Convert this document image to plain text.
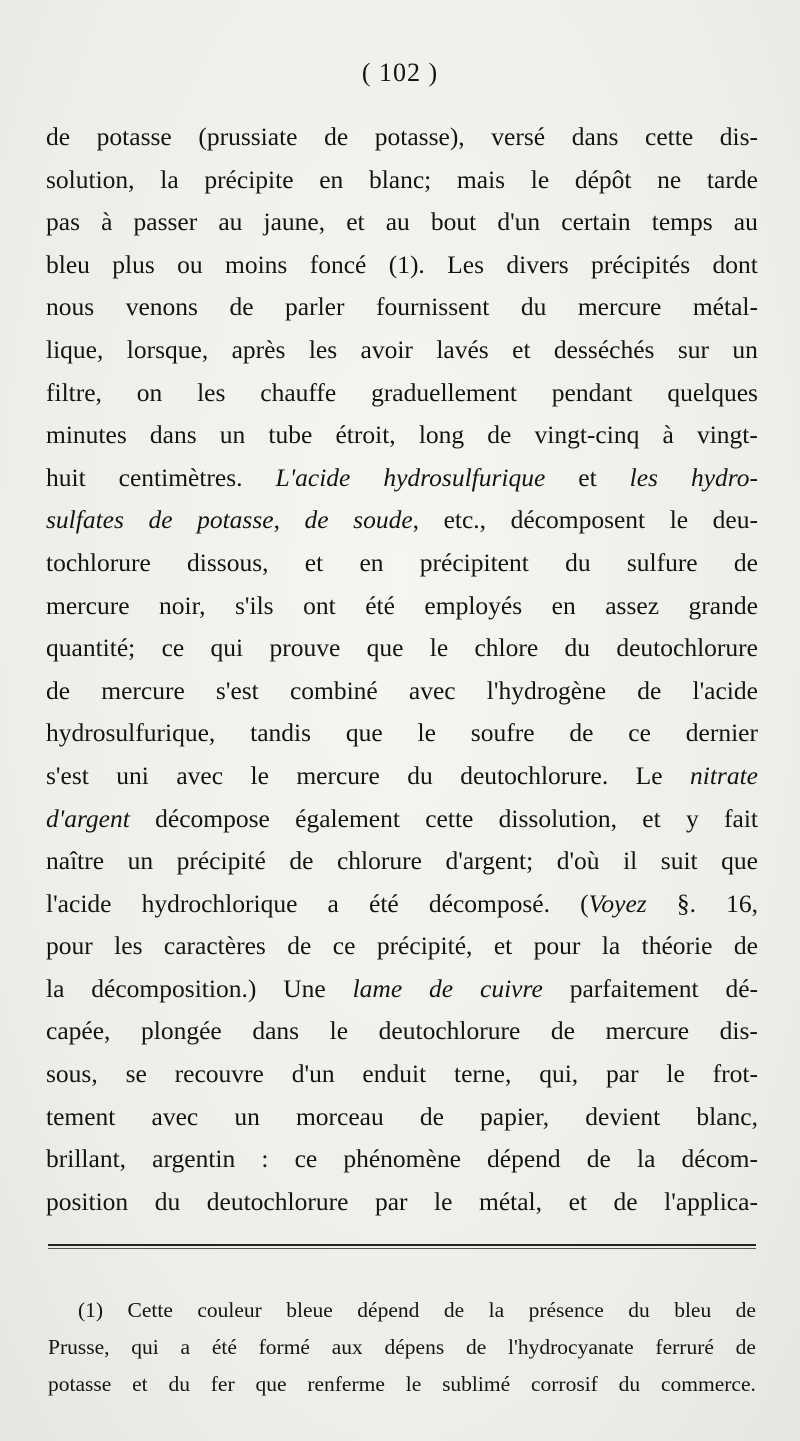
( 102 )
de potasse (prussiate de potasse), versé dans cette dis-
solution, la précipite en blanc; mais le dépôt ne tarde
pas à passer au jaune, et au bout d'un certain temps au
bleu plus ou moins foncé (1). Les divers précipités dont
nous venons de parler fournissent du mercure métal-
lique, lorsque, après les avoir lavés et desséchés sur un
filtre, on les chauffe graduellement pendant quelques
minutes dans un tube étroit, long de vingt-cinq à vingt-
huit centimètres. L'acide hydrosulfurique et les hydro-
sulfates de potasse, de soude, etc., décomposent le deu-
tochlorure dissous, et en précipitent du sulfure de
mercure noir, s'ils ont été employés en assez grande
quantité; ce qui prouve que le chlore du deutochlorure
de mercure s'est combiné avec l'hydrogène de l'acide
hydrosulfurique, tandis que le soufre de ce dernier
s'est uni avec le mercure du deutochlorure. Le nitrate
d'argent décompose également cette dissolution, et y fait
naître un précipité de chlorure d'argent; d'où il suit que
l'acide hydrochlorique a été décomposé. (Voyez §. 16,
pour les caractères de ce précipité, et pour la théorie de
la décomposition.) Une lame de cuivre parfaitement dé-
capée, plongée dans le deutochlorure de mercure dis-
sous, se recouvre d'un enduit terne, qui, par le frot-
tement avec un morceau de papier, devient blanc,
brillant, argentin : ce phénomène dépend de la décom-
position du deutochlorure par le métal, et de l'applica-
(1) Cette couleur bleue dépend de la présence du bleu de
Prusse, qui a été formé aux dépens de l'hydrocyanate ferruré de
potasse et du fer que renferme le sublimé corrosif du commerce.
